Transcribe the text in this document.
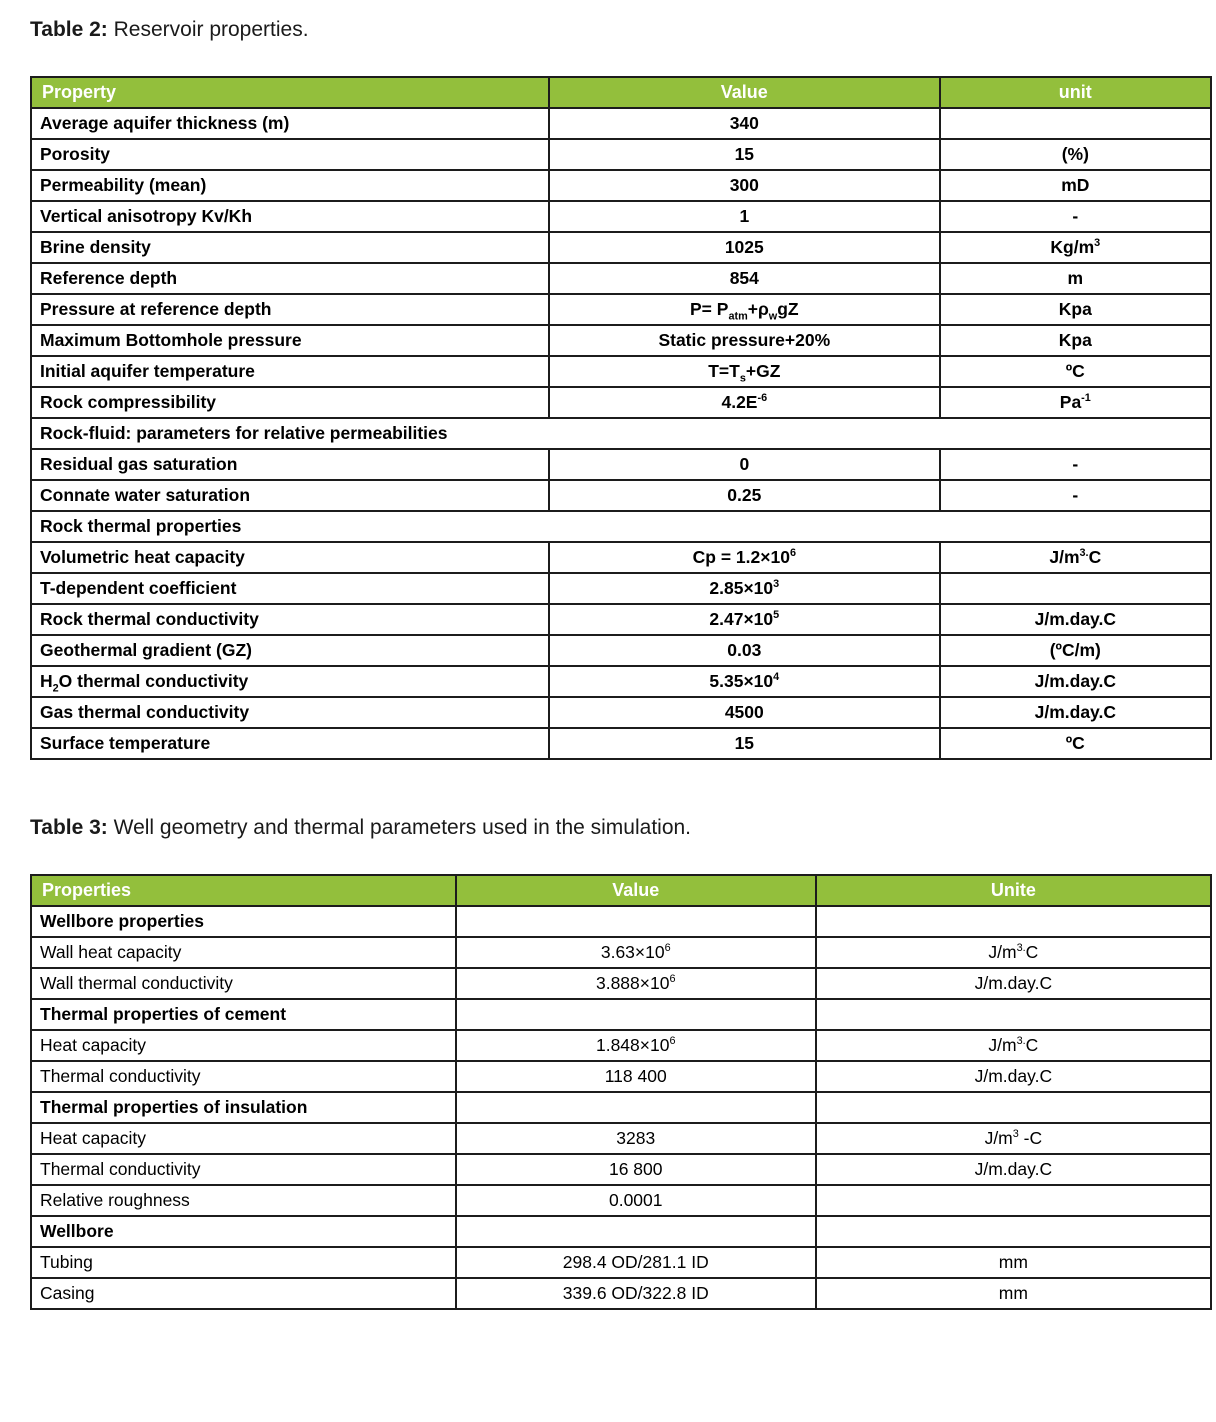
Table 2: Reservoir properties.
Property	Value	unit
Average aquifer thickness (m)	340	
Porosity	15	(%)
Permeability (mean)	300	mD
Vertical anisotropy Kv/Kh	1	-
Brine density	1025	$Kg/m^3$
Reference depth	854	m
Pressure at reference depth	$P= P_{atm}+\rho_wgZ$	Kpa
Maximum Bottomhole pressure	Static pressure+20%	Kpa
Initial aquifer temperature	$T=T_s+GZ$	ºC
Rock compressibility	$4.2E^{-6}$	$Pa^{-1}$
Rock-fluid: parameters for relative permeabilities		
Residual gas saturation	0	-
Connate water saturation	0.25	-
Rock thermal properties		
Volumetric heat capacity	$Cp = 1.2\times 10^6$	$J/m^{3.}C$
T-dependent coefficient	$2.85\times 10^3$	
Rock thermal conductivity	$2.47\times 10^5$	J/m.day.C
Geothermal gradient (GZ)	0.03	(ºC/m)
$H_2O$ thermal conductivity	$5.35\times 10^4$	J/m.day.C
Gas thermal conductivity	4500	J/m.day.C
Surface temperature	15	ºC
Table 3: Well geometry and thermal parameters used in the simulation.
Properties	Value	Unite
Wellbore properties		
Wall heat capacity	$3.63\times 10^6$	$J/m^{3.}C$
Wall thermal conductivity	$3.888\times 10^6$	J/m.day.C
Thermal properties of cement		
Heat capacity	$1.848\times 10^6$	$J/m^{3.}C$
Thermal conductivity	118 400	J/m.day.C
Thermal properties of insulation		
Heat capacity	3283	$J/m^3$ -C
Thermal conductivity	16 800	J/m.day.C
Relative roughness	0.0001	
Wellbore		
Tubing	298.4 OD/281.1 ID	mm
Casing	339.6 OD/322.8 ID	mm
